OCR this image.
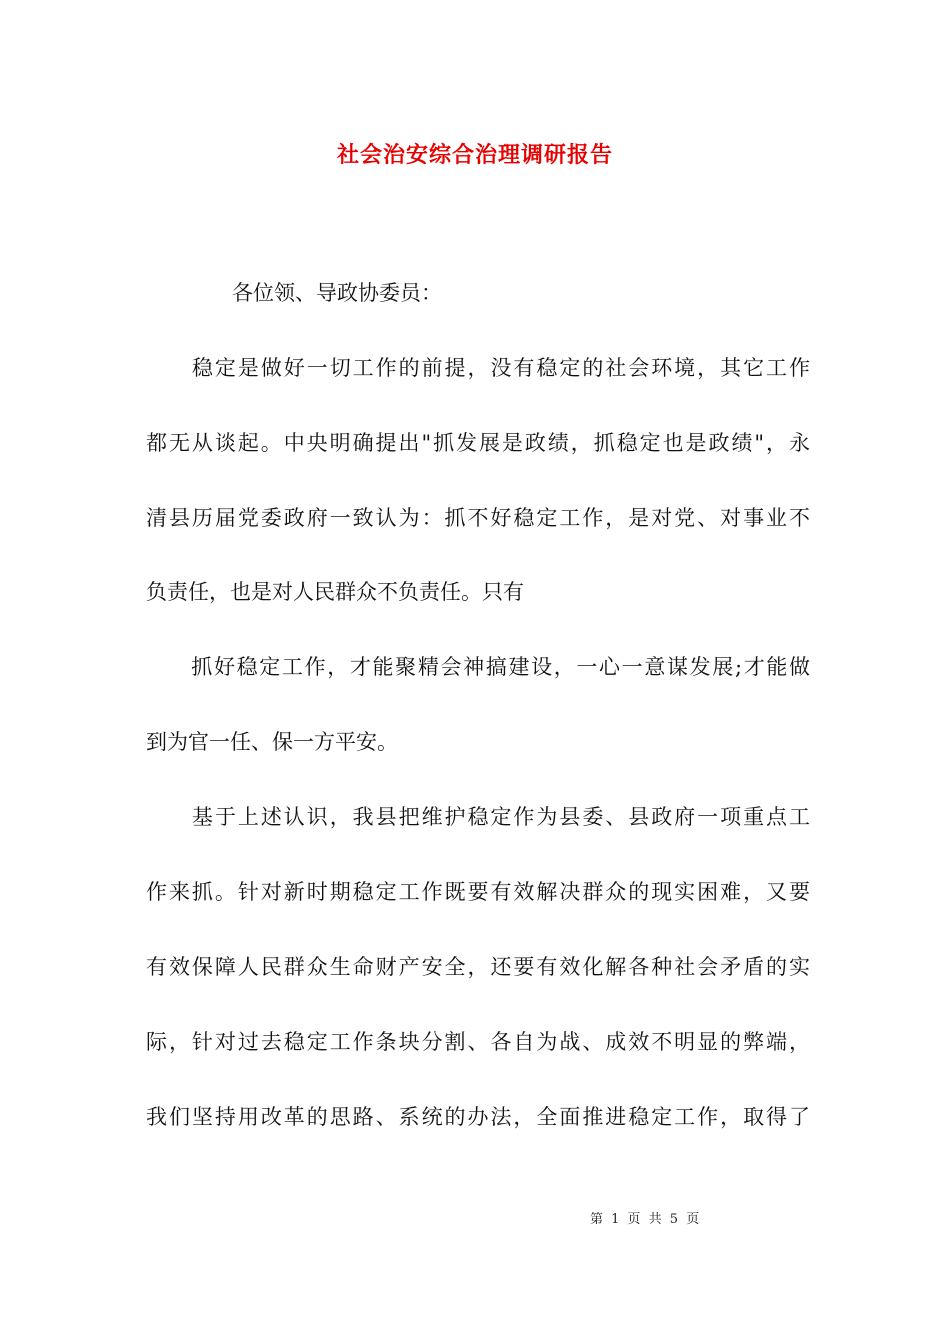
社会治安综合治理调研报告
各位领、导政协委员：
　　稳定是做好一切工作的前提，没有稳定的社会环境，其它工作
都无从谈起。中央明确提出"抓发展是政绩，抓稳定也是政绩"，永
清县历届党委政府一致认为：抓不好稳定工作，是对党、对事业不
负责任，也是对人民群众不负责任。只有
　　抓好稳定工作，才能聚精会神搞建设，一心一意谋发展;才能做
到为官一任、保一方平安。
　　基于上述认识，我县把维护稳定作为县委、县政府一项重点工
作来抓。针对新时期稳定工作既要有效解决群众的现实困难，又要
有效保障人民群众生命财产安全，还要有效化解各种社会矛盾的实
际，针对过去稳定工作条块分割、各自为战、成效不明显的弊端，
我们坚持用改革的思路、系统的办法，全面推进稳定工作，取得了
第 1 页 共 5 页
